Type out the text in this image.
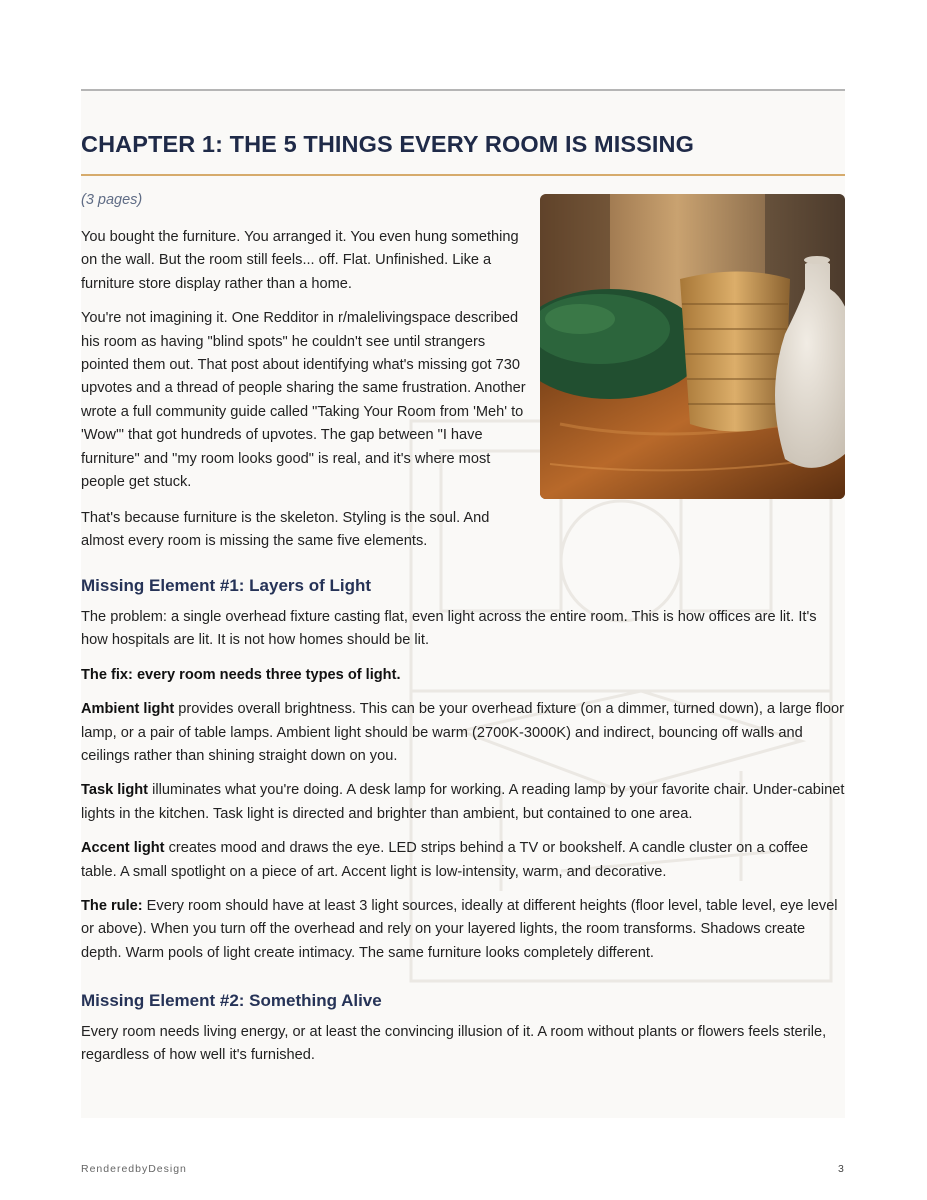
CHAPTER 1: THE 5 THINGS EVERY ROOM IS MISSING
(3 pages)

You bought the furniture. You arranged it. You even hung something on the wall. But the room still feels... off. Flat. Unfinished. Like a furniture store display rather than a home.

You're not imagining it. One Redditor in r/malelivingspace described his room as having "blind spots" he couldn't see until strangers pointed them out. That post about identifying what's missing got 730 upvotes and a thread of people sharing the same frustration. Another wrote a full community guide called "Taking Your Room from 'Meh' to 'Wow'" that got hundreds of upvotes. The gap between "I have furniture" and "my room looks good" is real, and it's where most people get stuck.

That's because furniture is the skeleton. Styling is the soul. And almost every room is missing the same five elements.

Missing Element #1: Layers of Light

The problem: a single overhead fixture casting flat, even light across the entire room. This is how offices are lit. It's how hospitals are lit. It is not how homes should be lit.

The fix: every room needs three types of light.

Ambient light provides overall brightness. This can be your overhead fixture (on a dimmer, turned down), a large floor lamp, or a pair of table lamps. Ambient light should be warm (2700K-3000K) and indirect, bouncing off walls and ceilings rather than shining straight down on you.

Task light illuminates what you're doing. A desk lamp for working. A reading lamp by your favorite chair. Under-cabinet lights in the kitchen. Task light is directed and brighter than ambient, but contained to one area.

Accent light creates mood and draws the eye. LED strips behind a TV or bookshelf. A candle cluster on a coffee table. A small spotlight on a piece of art. Accent light is low-intensity, warm, and decorative.

The rule: Every room should have at least 3 light sources, ideally at different heights (floor level, table level, eye level or above). When you turn off the overhead and rely on your layered lights, the room transforms. Shadows create depth. Warm pools of light create intimacy. The same furniture looks completely different.

Missing Element #2: Something Alive

Every room needs living energy, or at least the convincing illusion of it. A room without plants or flowers feels sterile, regardless of how well it's furnished.

RenderedbyDesign	3
